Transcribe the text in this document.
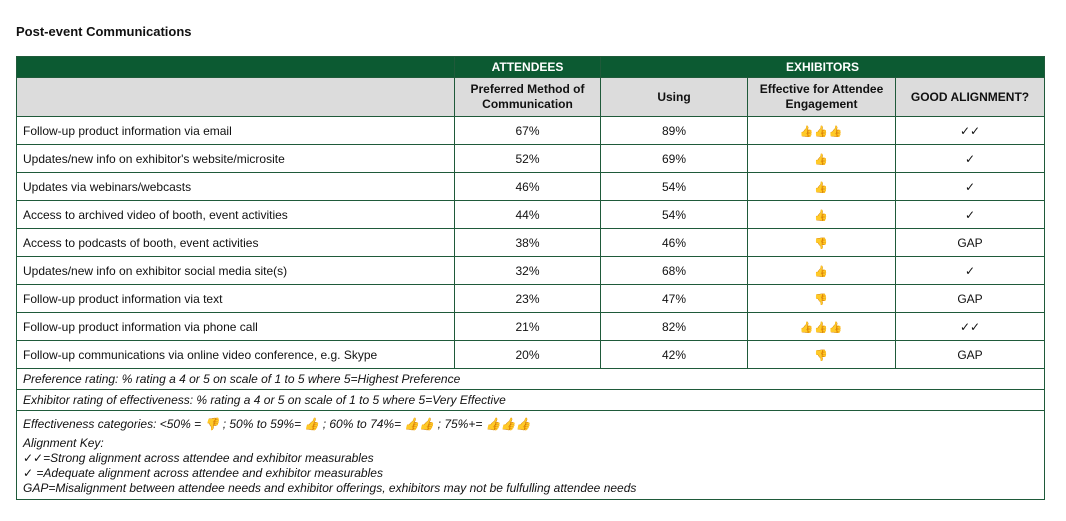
Post-event Communications
	ATTENDEES	EXHIBITORS		
	Preferred Method of Communication	Using	Effective for Attendee Engagement	GOOD ALIGNMENT?
Follow-up product information via email	67%	89%	👍👍👍	✓✓
Updates/new info on exhibitor's website/microsite	52%	69%	👍	✓
Updates via webinars/webcasts	46%	54%	👍	✓
Access to archived video of booth, event activities	44%	54%	👍	✓
Access to podcasts of booth, event activities	38%	46%	👎	GAP
Updates/new info on exhibitor social media site(s)	32%	68%	👍	✓
Follow-up product information via text	23%	47%	👎	GAP
Follow-up product information via phone call	21%	82%	👍👍👍	✓✓
Follow-up communications via online video conference, e.g. Skype	20%	42%	👎	GAP
Preference rating: % rating a 4 or 5 on scale of 1 to 5 where 5=Highest Preference				
Exhibitor rating of effectiveness: % rating a 4 or 5 on scale of 1 to 5 where 5=Very Effective				

Effectiveness categories: <50% = 👎 ; 50% to 59%= 👍 ; 60% to 74%= 👍👍 ; 75%+= 👍👍👍
Alignment Key:
✓✓=Strong alignment across attendee and exhibitor measurables
✓ =Adequate alignment across attendee and exhibitor measurables
GAP=Misalignment between attendee needs and exhibitor offerings, exhibitors may not be fulfulling attendee needs				
